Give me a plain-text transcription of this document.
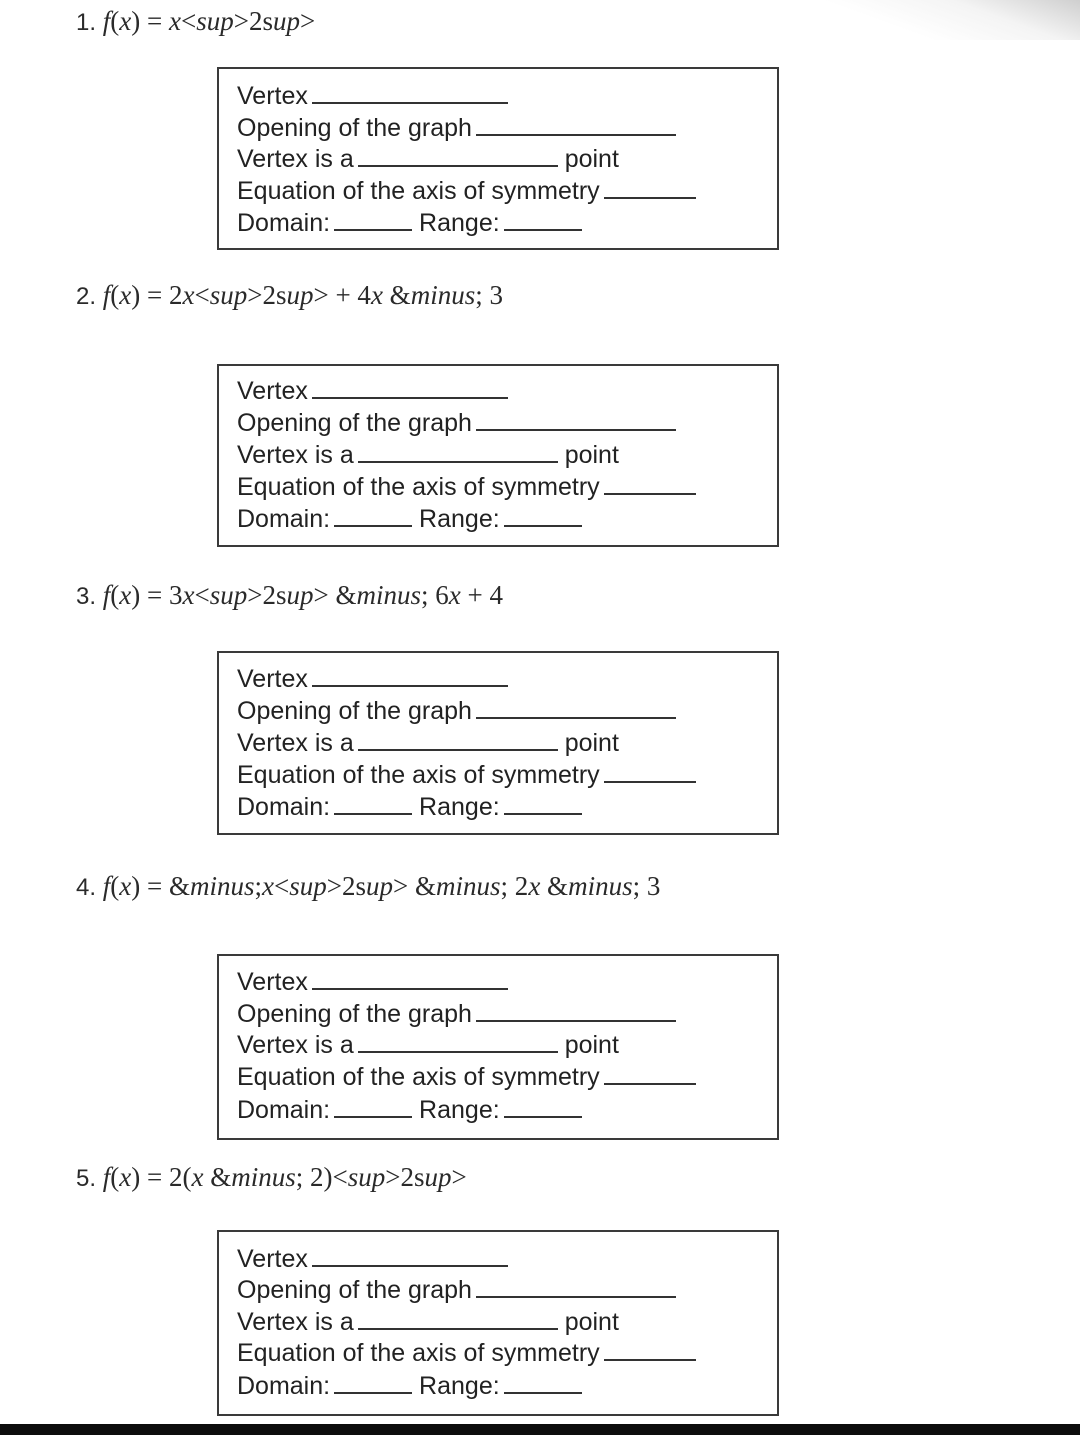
1. f(x) = x<sup>2sup>
Vertex
Opening of the graph
Vertex is a	point
Equation of the axis of symmetry
Domain:	Range:
2. f(x) = 2x<sup>2sup> + 4x &minus; 3
Vertex
Opening of the graph
Vertex is a	point
Equation of the axis of symmetry
Domain:	Range:
3. f(x) = 3x<sup>2sup> &minus; 6x + 4
Vertex
Opening of the graph
Vertex is a	point
Equation of the axis of symmetry
Domain:	Range:
4. f(x) = &minus;x<sup>2sup> &minus; 2x &minus; 3
Vertex
Opening of the graph
Vertex is a	point
Equation of the axis of symmetry
Domain:	Range:
5. f(x) = 2(x &minus; 2)<sup>2sup>
Vertex
Opening of the graph
Vertex is a	point
Equation of the axis of symmetry
Domain:	Range:
